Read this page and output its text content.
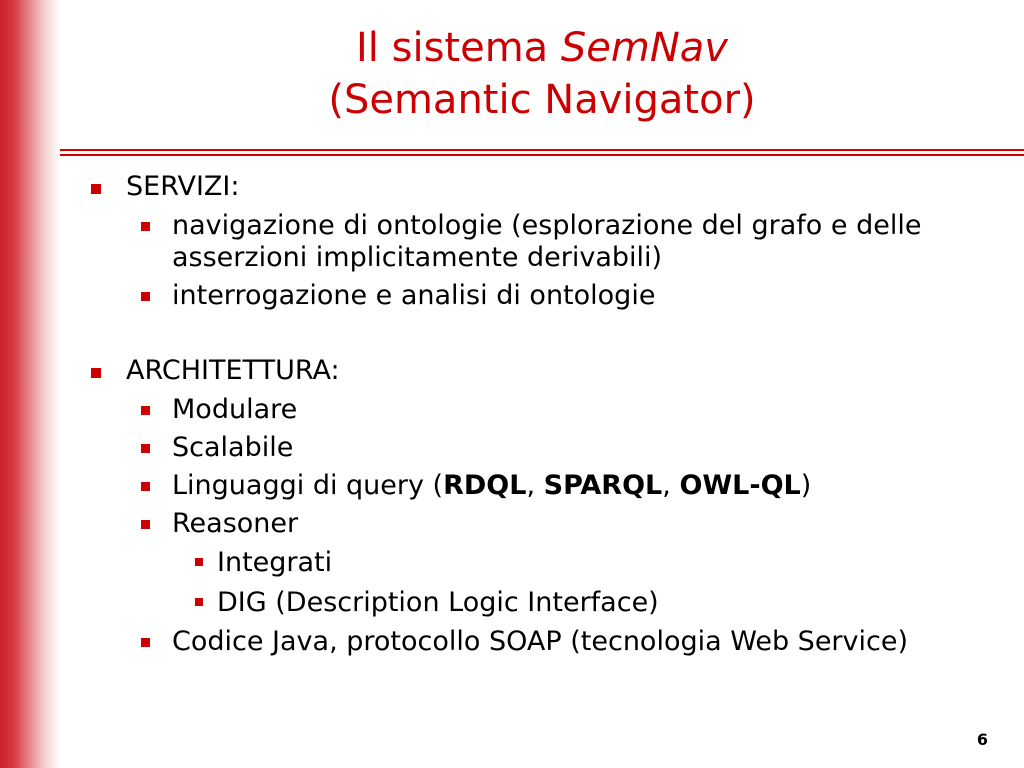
Il sistema SemNav
(Semantic Navigator)
SERVIZI:
navigazione di ontologie (esplorazione del grafo e delle asserzioni implicitamente derivabili)
interrogazione e analisi di ontologie
ARCHITETTURA:
Modulare
Scalabile
Linguaggi di query (RDQL, SPARQL, OWL-QL)
Reasoner
Integrati
DIG (Description Logic Interface)
Codice Java, protocollo SOAP (tecnologia Web Service)
6
